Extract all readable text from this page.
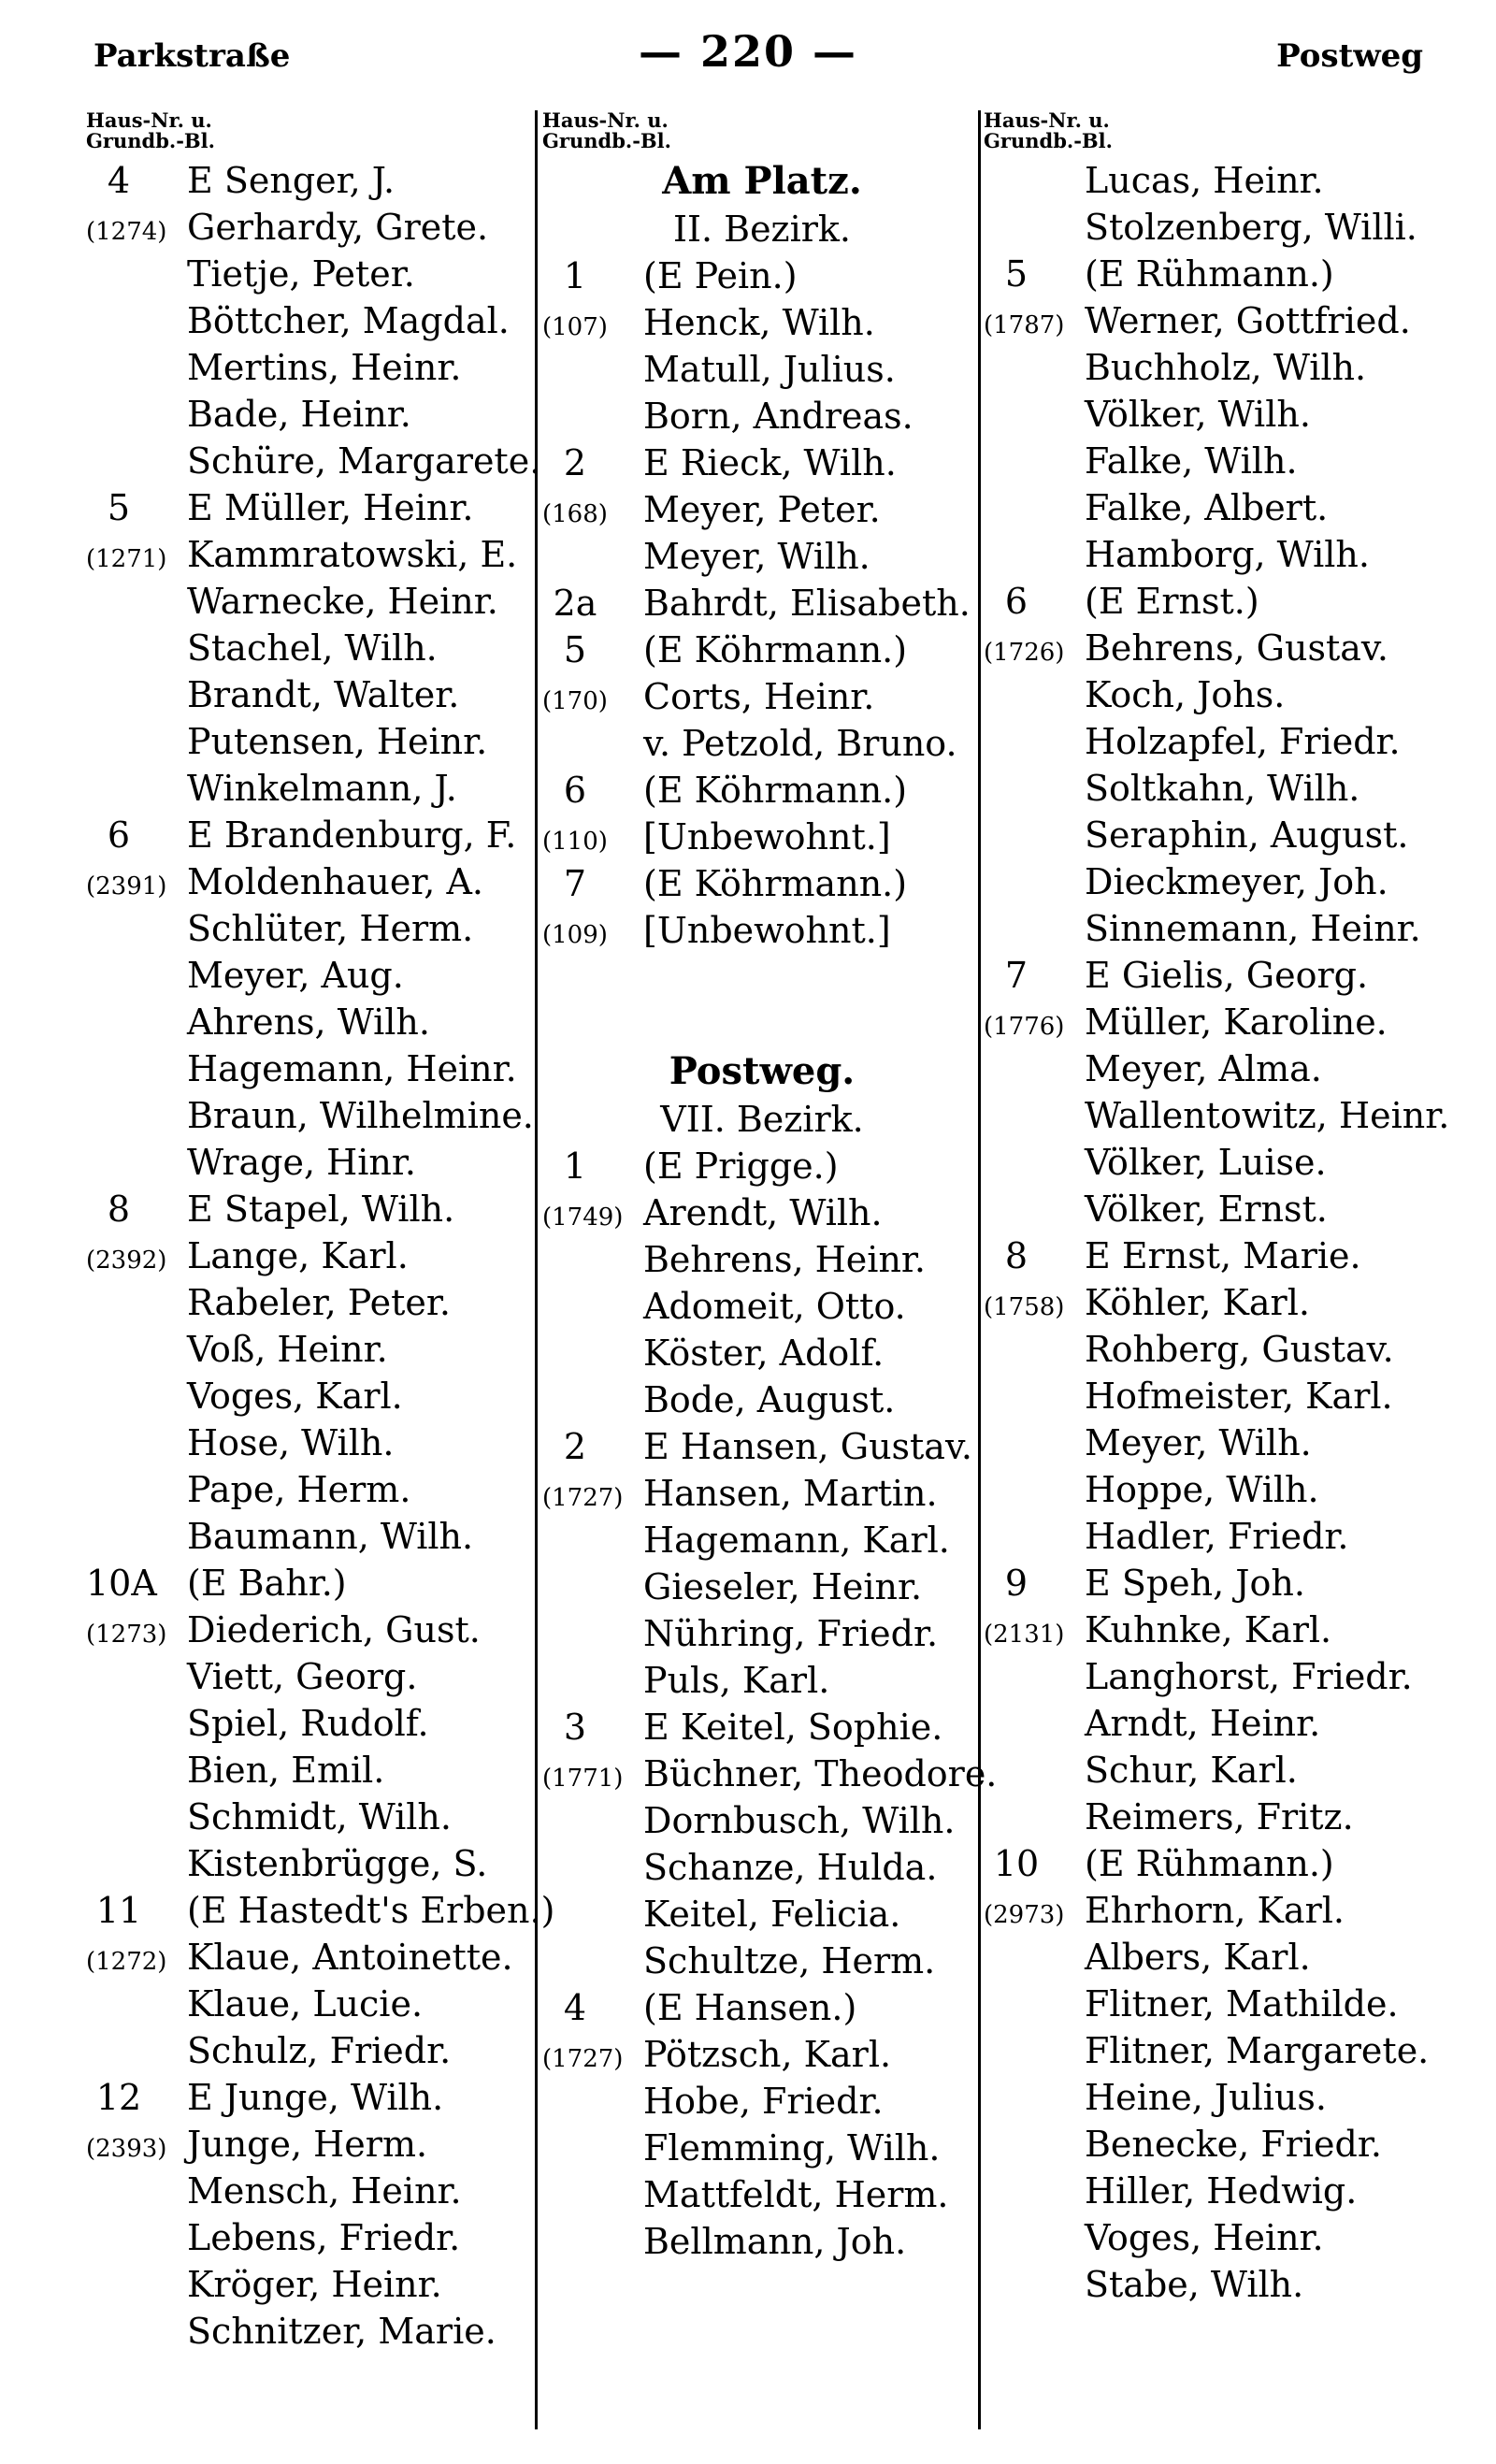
Parkstraße	— 220 —	Postweg
Haus-Nr. u.
Grundb.-Bl.
4	E Senger, J.
(1274) Gerhardy, Grete.
Tietje, Peter.
Böttcher, Magdal.
Mertins, Heinr.
Bade, Heinr.
Schüre, Margarete.
5	E Müller, Heinr.
(1271) Kammratowski, E.
Warnecke, Heinr.
Stachel, Wilh.
Brandt, Walter.
Putensen, Heinr.
Winkelmann, J.
6	E Brandenburg, F.
(2391) Moldenhauer, A.
Schlüter, Herm.
Meyer, Aug.
Ahrens, Wilh.
Hagemann, Heinr.
Braun, Wilhelmine.
Wrage, Hinr.
8	E Stapel, Wilh.
(2392) Lange, Karl.
Rabeler, Peter.
Voß, Heinr.
Voges, Karl.
Hose, Wilh.
Pape, Herm.
Baumann, Wilh.
10A (E Bahr.)
(1273) Diederich, Gust.
Viett, Georg.
Spiel, Rudolf.
Bien, Emil.
Schmidt, Wilh.
Kistenbrügge, S.
11 (E Hastedt's Erben.)
(1272) Klaue, Antoinette.
Klaue, Lucie.
Schulz, Friedr.
12 E Junge, Wilh.
(2393) Junge, Herm.
Mensch, Heinr.
Lebens, Friedr.
Kröger, Heinr.
Schnitzer, Marie.
Haus-Nr. u.
Grundb.-Bl.
Am Platz.
II. Bezirk.
1	(E Pein.)
(107)	Henck, Wilh.
Matull, Julius.
Born, Andreas.
2	E Rieck, Wilh.
(168)	Meyer, Peter.
Meyer, Wilh.
2a	Bahrdt, Elisabeth.
5	(E Köhrmann.)
(170)	Corts, Heinr.
v. Petzold, Bruno.
6	(E Köhrmann.)
(110)	[Unbewohnt.]
7	(E Köhrmann.)
(109)	[Unbewohnt.]
Postweg.
VII. Bezirk.
1	(E Prigge.)
(1749) Arendt, Wilh.
Behrens, Heinr.
Adomeit, Otto.
Köster, Adolf.
Bode, August.
2	E Hansen, Gustav.
(1727) Hansen, Martin.
Hagemann, Karl.
Gieseler, Heinr.
Nühring, Friedr.
Puls, Karl.
3	E Keitel, Sophie.
(1771) Büchner, Theodore.
Dornbusch, Wilh.
Schanze, Hulda.
Keitel, Felicia.
Schultze, Herm.
4	(E Hansen.)
(1727) Pötzsch, Karl.
Hobe, Friedr.
Flemming, Wilh.
Mattfeldt, Herm.
Bellmann, Joh.
Haus-Nr. u.
Grundb.-Bl.
Lucas, Heinr.
Stolzenberg, Willi.
5	(E Rühmann.)
(1787) Werner, Gottfried.
Buchholz, Wilh.
Völker, Wilh.
Falke, Wilh.
Falke, Albert.
Hamborg, Wilh.
6	(E Ernst.)
(1726) Behrens, Gustav.
Koch, Johs.
Holzapfel, Friedr.
Soltkahn, Wilh.
Seraphin, August.
Dieckmeyer, Joh.
Sinnemann, Heinr.
7	E Gielis, Georg.
(1776) Müller, Karoline.
Meyer, Alma.
Wallentowitz, Heinr.
Völker, Luise.
Völker, Ernst.
8	E Ernst, Marie.
(1758) Köhler, Karl.
Rohberg, Gustav.
Hofmeister, Karl.
Meyer, Wilh.
Hoppe, Wilh.
Hadler, Friedr.
9	E Speh, Joh.
(2131) Kuhnke, Karl.
Langhorst, Friedr.
Arndt, Heinr.
Schur, Karl.
Reimers, Fritz.
10 (E Rühmann.)
(2973) Ehrhorn, Karl.
Albers, Karl.
Flitner, Mathilde.
Flitner, Margarete.
Heine, Julius.
Benecke, Friedr.
Hiller, Hedwig.
Voges, Heinr.
Stabe, Wilh.
